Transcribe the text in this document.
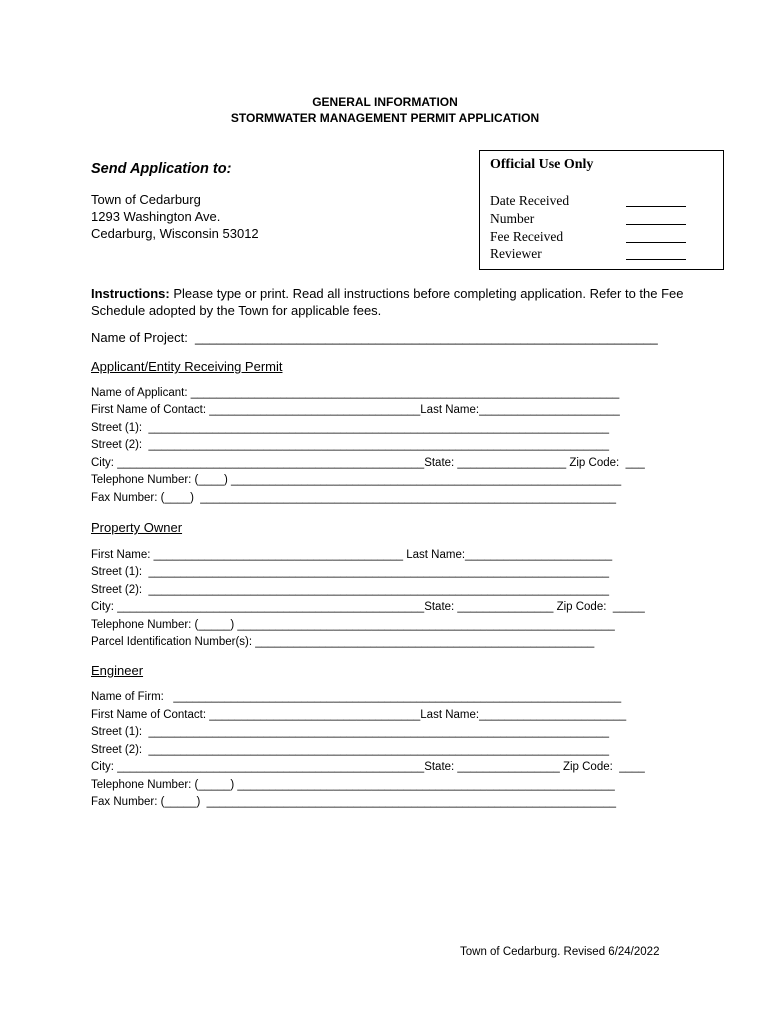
GENERAL INFORMATION
STORMWATER MANAGEMENT PERMIT APPLICATION
Send Application to:
Town of Cedarburg
1293 Washington Ave.
Cedarburg, Wisconsin 53012
Official Use Only
Date Received
Number
Fee Received
Reviewer
Instructions: Please type or print. Read all instructions before completing application. Refer to the Fee Schedule adopted by the Town for applicable fees.
Name of Project:  ________________________________________________________________
Applicant/Entity Receiving Permit
Name of Applicant: ___________________________________________________________________
First Name of Contact: _________________________________Last Name:______________________
Street (1):  ________________________________________________________________________
Street (2):  ________________________________________________________________________
City: ________________________________________________State: _________________ Zip Code:  ___
Telephone Number: (____) _____________________________________________________________
Fax Number: (____)  _________________________________________________________________
Property Owner
First Name: _______________________________________ Last Name:_______________________
Street (1):  ________________________________________________________________________
Street (2):  ________________________________________________________________________
City: ________________________________________________State: _______________ Zip Code:  _____
Telephone Number: (_____) ___________________________________________________________
Parcel Identification Number(s): _____________________________________________________
Engineer
Name of Firm:   ______________________________________________________________________
First Name of Contact: _________________________________Last Name:_______________________
Street (1):  ________________________________________________________________________
Street (2):  ________________________________________________________________________
City: ________________________________________________State: ________________ Zip Code:  ____
Telephone Number: (_____) ___________________________________________________________
Fax Number: (_____)  ________________________________________________________________
Town of Cedarburg. Revised 6/24/2022
